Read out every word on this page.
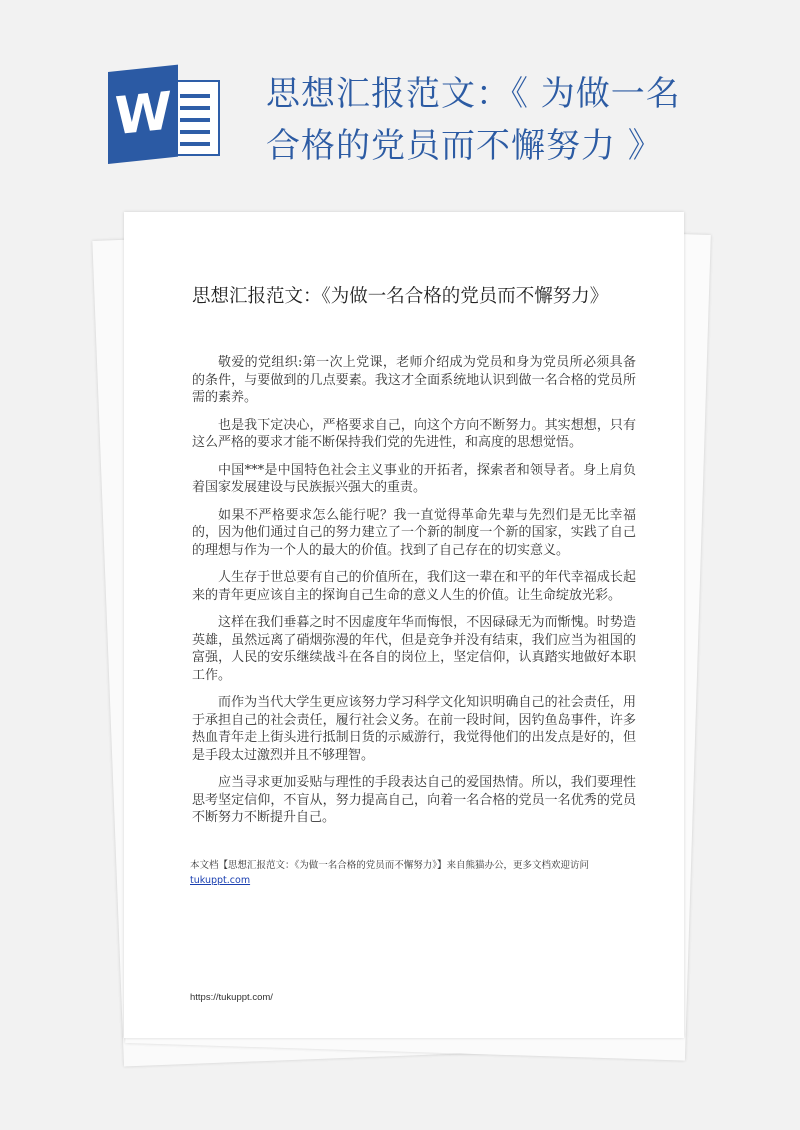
W	思想汇报范文：《 为做一名合格的党员而不懈努力 》
思想汇报范文：《为做一名合格的党员而不懈努力》

敬爱的党组织:第一次上党课，老师介绍成为党员和身为党员所必须具备的条件，与要做到的几点要素。我这才全面系统地认识到做一名合格的党员所需的素养。

也是我下定决心，严格要求自己，向这个方向不断努力。其实想想，只有这么严格的要求才能不断保持我们党的先进性，和高度的思想觉悟。

中国***是中国特色社会主义事业的开拓者，探索者和领导者。身上肩负着国家发展建设与民族振兴强大的重责。

如果不严格要求怎么能行呢？我一直觉得革命先辈与先烈们是无比幸福的，因为他们通过自己的努力建立了一个新的制度一个新的国家，实践了自己的理想与作为一个人的最大的价值。找到了自己存在的切实意义。

人生存于世总要有自己的价值所在，我们这一辈在和平的年代幸福成长起来的青年更应该自主的探询自己生命的意义人生的价值。让生命绽放光彩。

这样在我们垂暮之时不因虚度年华而悔恨，不因碌碌无为而惭愧。时势造英雄，虽然远离了硝烟弥漫的年代，但是竞争并没有结束，我们应当为祖国的富强，人民的安乐继续战斗在各自的岗位上，坚定信仰，认真踏实地做好本职工作。

而作为当代大学生更应该努力学习科学文化知识明确自己的社会责任，用于承担自己的社会责任，履行社会义务。在前一段时间，因钓鱼岛事件，许多热血青年走上街头进行抵制日货的示威游行，我觉得他们的出发点是好的，但是手段太过激烈并且不够理智。

应当寻求更加妥贴与理性的手段表达自己的爱国热情。所以，我们要理性思考坚定信仰，不盲从，努力提高自己，向着一名合格的党员一名优秀的党员不断努力不断提升自己。

本文档【思想汇报范文：《为做一名合格的党员而不懈努力》】来自熊猫办公，更多文档欢迎访问
tukuppt.com
https://tukuppt.com/
